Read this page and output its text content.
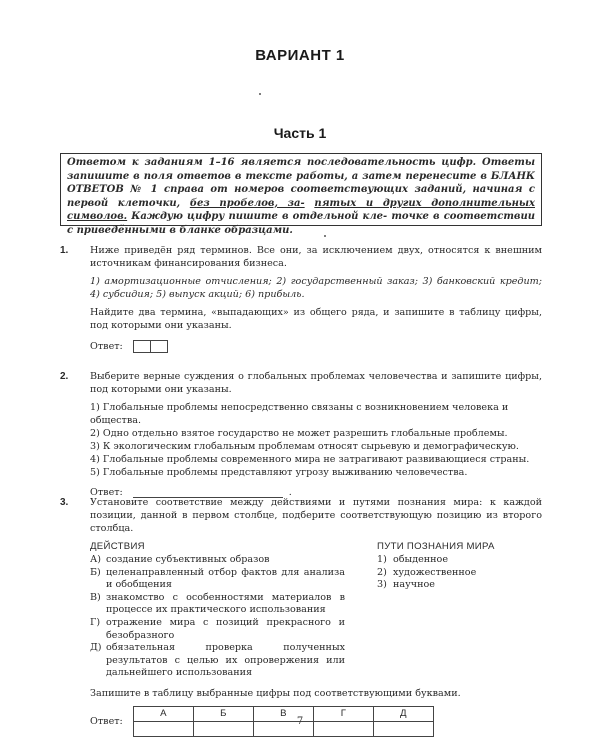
ВАРИАНТ 1
Часть 1
Ответом к заданиям 1–16 является последовательность цифр. Ответы запишите в поля ответов в тексте работы, а затем перенесите в БЛАНК ОТВЕТОВ № 1 справа от номеров соответствующих заданий, начиная с первой клеточки, без пробелов, за- пятых и других дополнительных символов. Каждую цифру пишите в отдельной кле- точке в соответствии с приведёнными в бланке образцами.
1.	Ниже приведён ряд терминов. Все они, за исключением двух, относятся к внешним источникам финансирования бизнеса.

1) амортизационные отчисления; 2) государственный заказ; 3) банковский кредит; 4) субсидия; 5) выпуск акций; 6) прибыль.

Найдите два термина, «выпадающих» из общего ряда, и запишите в таблицу цифры, под которыми они указаны.

Ответ:
2.	Выберите верные суждения о глобальных проблемах человечества и запишите цифры, под которыми они указаны.

1) Глобальные проблемы непосредственно связаны с возникновением человека и общества.

2) Одно отдельно взятое государство не может разрешить глобальные проблемы.

3) К экологическим глобальным проблемам относят сырьевую и демографическую.

4) Глобальные проблемы современного мира не затрагивают развивающиеся страны.

5) Глобальные проблемы представляют угрозу выживанию человечества.

Ответ:	.
3.	Установите соответствие между действиями и путями познания мира: к каждой позиции, данной в первом столбце, подберите соответствующую позицию из второго столбца.

ДЕЙСТВИЯ
А) создание субъективных образов
Б) целенаправленный отбор фактов для анализа и обобщения
В) знакомство с особенностями материалов в процессе их практического использования
Г) отражение мира с позиций прекрасного и безобразного
Д) обязательная проверка полученных результатов с целью их опровержения или дальнейшего использования
ПУТИ ПОЗНАНИЯ МИРА
1) обыденное
2) художественное
3) научное

Запишите в таблицу выбранные цифры под соответствующими буквами.

Ответ:
А	Б	В	Г	Д

7
